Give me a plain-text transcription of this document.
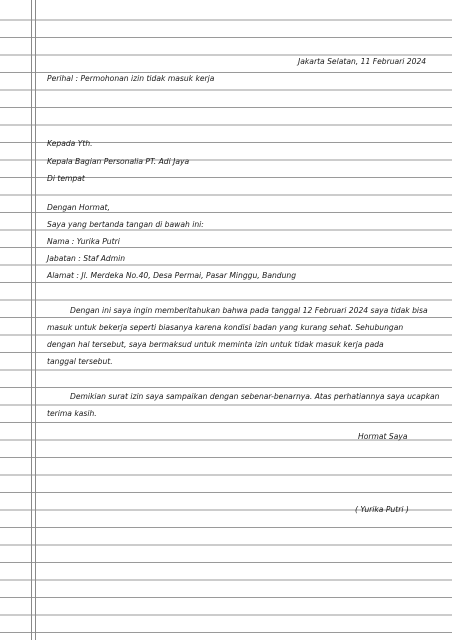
Jakarta Selatan, 11 Februari 2024
Perihal : Permohonan izin tidak masuk kerja
Kepada Yth.
Kepala Bagian Personalia PT. Adi Jaya
Di tempat
Dengan Hormat,
Saya yang bertanda tangan di bawah ini:
Nama : Yurika Putri
Jabatan : Staf Admin
Alamat : Jl. Merdeka No.40, Desa Permai, Pasar Minggu, Bandung
Dengan ini saya ingin memberitahukan bahwa pada tanggal 12 Februari 2024 saya tidak bisa
masuk untuk bekerja seperti biasanya karena kondisi badan yang kurang sehat. Sehubungan
dengan hal tersebut, saya bermaksud untuk meminta izin untuk tidak masuk kerja pada
tanggal tersebut.
Demikian surat izin saya sampaikan dengan sebenar-benarnya. Atas perhatiannya saya ucapkan
terima kasih.
Hormat Saya
( Yurika Putri )
